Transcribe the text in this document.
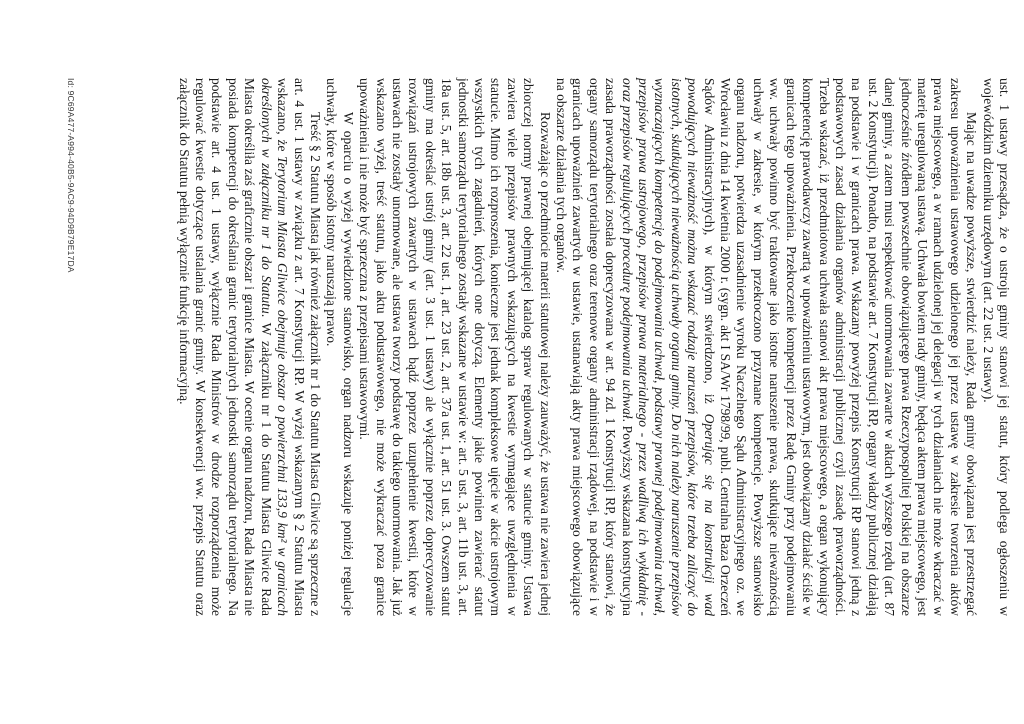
ust. 1 ustawy przesądza, że o ustroju gminy stanowi jej statut, który podlega ogłoszeniu w wojewódzkim dzienniku urzędowym (art. 22 ust. 2 ustawy).

Mając na uwadze powyższe, stwierdzić należy, Rada gminy obowiązana jest przestrzegać zakresu upoważnienia ustawowego udzielonego jej przez ustawę w zakresie tworzenia aktów prawa miejscowego, a w ramach udzielonej jej delegacji w tych działaniach nie może wkraczać w materię uregulowaną ustawą. Uchwała bowiem rady gminy, będąca aktem prawa miejscowego, jest jednocześnie źródłem powszechnie obowiązującego prawa Rzeczypospolitej Polskiej na obszarze danej gminy, a zatem musi respektować unormowania zawarte w aktach wyższego rzędu (art. 87 ust. 2 Konstytucji). Ponadto, na podstawie art. 7 Konstytucji RP, organy władzy publicznej działają na podstawie i w granicach prawa. Wskazany powyżej przepis Konstytucji RP stanowi jedną z podstawowych zasad działania organów administracji publicznej czyli zasadę praworządności. Trzeba wskazać, iż przedmiotowa uchwała stanowi akt prawa miejscowego, a organ wykonujący kompetencję prawodawczy zawartą w upoważnieniu ustawowym, jest obowiązany działać ściśle w granicach tego upoważnienia. Przekroczenie kompetencji przez Radę Gminy przy podejmowaniu ww. uchwały powinno być traktowane jako istotne naruszenie prawa, skutkujące nieważnością uchwały w zakresie, w którym przekroczono przyznane kompetencje. Powyższe stanowisko organu nadzoru, potwierdza uzasadnienie wyroku Naczelnego Sądu Administracyjnego oz. we Wrocławiu z dnia 14 kwietnia 2000 r. (sygn. akt I SA/Wr 1798/99, publ. Centralna Baza Orzeczeń Sądów Administracyjnych), w którym stwierdzono, iż Operując się na konstrukcji wad powodujących nieważność można wskazać rodzaje naruszeń przepisów, które trzeba zaliczyć do istotnych, skutkujących nieważnością uchwały organu gminy. Do nich należy naruszenie przepisów wyznaczających kompetencję do podejmowania uchwał, podstawy prawnej podejmowania uchwał, przepisów prawa ustrojowego, przepisów prawa materialnego - przez wadliwą ich wykładnię - oraz przepisów regulujących procedurę podejmowania uchwał. Powyższy wskazana konstytucyjna zasada praworządności została doprecyzowana w art. 94 zd. 1 Konstytucji RP, który stanowi, że organy samorządu terytorialnego oraz terenowe organy administracji rządowej, na podstawie i w granicach upoważnień zawartych w ustawie, ustanawiają akty prawa miejscowego obowiązujące na obszarze działania tych organów.

Rozważając o przedmiocie materii statutowej należy zauważyć, że ustawa nie zawiera jednej zbiorczej normy prawnej obejmującej katalog spraw regulowanych w statucie gminy. Ustawa zawiera wiele przepisów prawnych wskazujących na kwestie wymagające uwzględnienia w statucie. Mimo ich rozproszenia, konieczne jest jednak kompleksowe ujęcie w akcie ustrojowym wszystkich tych zagadnień, których one dotyczą. Elementy jakie powinien zawierać statut jednostki samorządu terytorialnego zostały wskazane w ustawie w: art. 5 ust. 3, art. 11b ust. 3, art. 18a ust. 5, art. 18b ust. 3, art. 22 ust. 1, art. 23 ust. 2, art. 37a ust. 1, art. 51 ust. 3. Owszem statut gminy ma określać ustrój gminy (art. 3 ust. 1 ustawy) ale wyłącznie poprzez doprecyzowanie rozwiązań ustrojowych zawartych w ustawach bądź poprzez uzupełnienie kwestii, które w ustawach nie zostały unormowane, ale ustawa tworzy podstawę do takiego unormowania. Jak już wskazano wyżej, treść statutu, jako aktu podustawowego, nie może wykraczać poza granice upoważnienia i nie może być sprzeczna z przepisami ustawowymi.

W oparciu o wyżej wywiedzione stanowisko, organ nadzoru wskazuje poniżej regulacje uchwały, które w sposób istotny naruszają prawo.

Treść § 2 Statutu Miasta jak również załącznik nr 1 do Statutu Miasta Gliwice są sprzeczne z art. 4 ust. 1 ustawy w związku z art. 7 Konstytucji RP. W wyżej wskazanym § 2 Statutu Miasta wskazano, że Terytorium Miasta Gliwice obejmuje obszar o powierzchni 133,9 km² w granicach określonych w załączniku nr 1 do Statutu. W załączniku nr 1 do Statutu Miasta Gliwice Rada Miasta określiła zaś graficznie obszar i granice Miasta. W ocenie organu nadzoru, Rada Miasta nie posiada kompetencji do określania granic terytorialnych jednostki samorządu terytorialnego. Na podstawie art. 4 ust. 1 ustawy, wyłącznie Rada Ministrów w drodze rozporządzenia może regulować kwestie dotyczące ustalania granic gminy. W konsekwencji ww. przepis Statutu oraz załącznik do Statutu pełnią wyłącznie funkcję informacyjną.

Id: 9C69A477-A994-40B5-9AC9-94D9B79E17DA
